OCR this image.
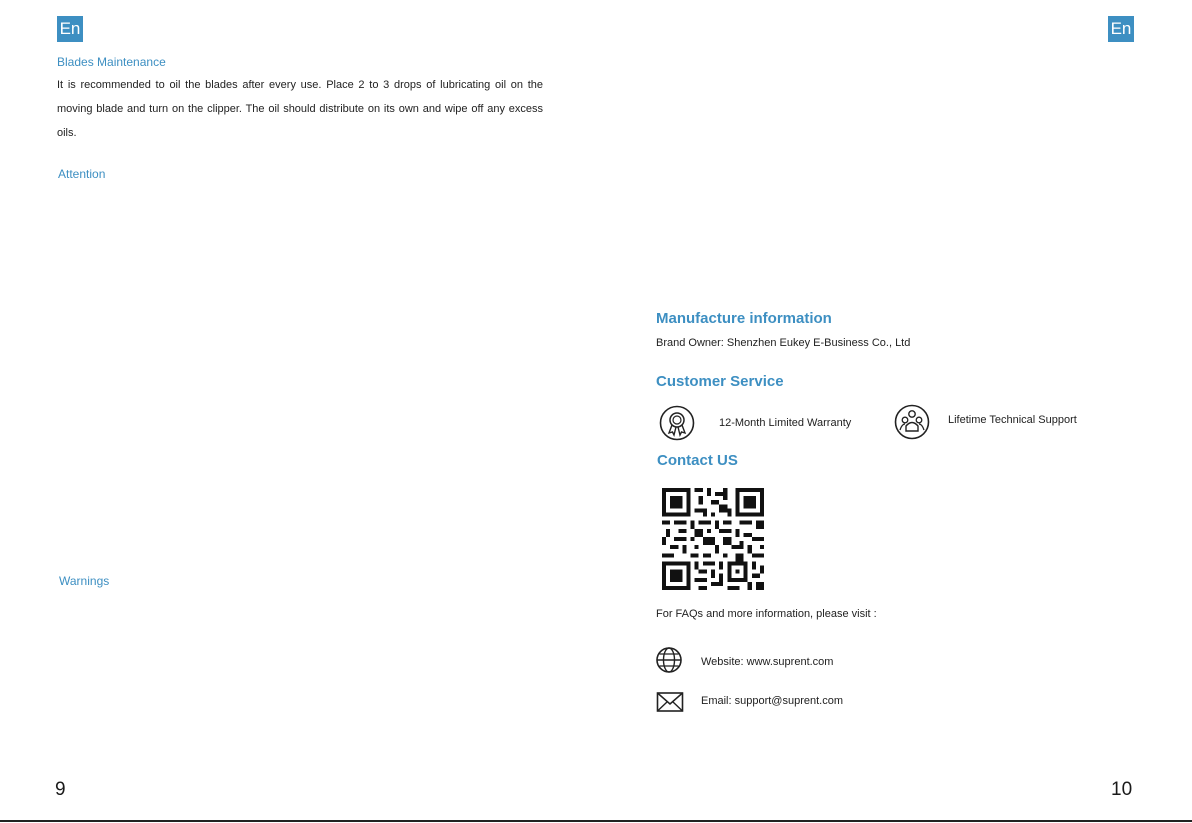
En
Blades Maintenance

It is recommended to oil the blades after every use. Place 2 to 3 drops of lubricating oil on the moving blade and turn on the clipper. The oil should distribute on its own and wipe off any excess oils.

Attention
Warnings
9
En
Manufacture information

Brand Owner: Shenzhen Eukey E-Business Co., Ltd

Customer Service

12-Month Limited Warranty	Lifetime Technical Support

Contact US

For FAQs and more information, please visit :

Website: www.suprent.com
Email: support@suprent.com
10
